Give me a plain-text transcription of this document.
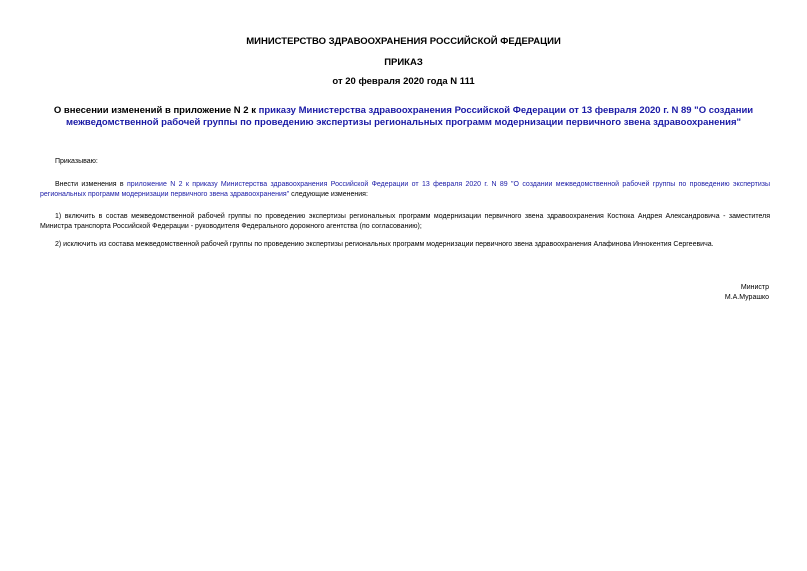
МИНИСТЕРСТВО ЗДРАВООХРАНЕНИЯ РОССИЙСКОЙ ФЕДЕРАЦИИ
ПРИКАЗ
от 20 февраля 2020 года N 111
О внесении изменений в приложение N 2 к приказу Министерства здравоохранения Российской Федерации от 13 февраля 2020 г. N 89 "О создании межведомственной рабочей группы по проведению экспертизы региональных программ модернизации первичного звена здравоохранения"
Приказываю:
Внести изменения в приложение N 2 к приказу Министерства здравоохранения Российской Федерации от 13 февраля 2020 г. N 89 "О создании межведомственной рабочей группы по проведению экспертизы региональных программ модернизации первичного звена здравоохранения" следующие изменения:
1) включить в состав межведомственной рабочей группы по проведению экспертизы региональных программ модернизации первичного звена здравоохранения Костюка Андрея Александровича - заместителя Министра транспорта Российской Федерации - руководителя Федерального дорожного агентства (по согласованию);
2) исключить из состава межведомственной рабочей группы по проведению экспертизы региональных программ модернизации первичного звена здравоохранения Алафинова Иннокентия Сергеевича.
Министр
М.А.Мурашко
